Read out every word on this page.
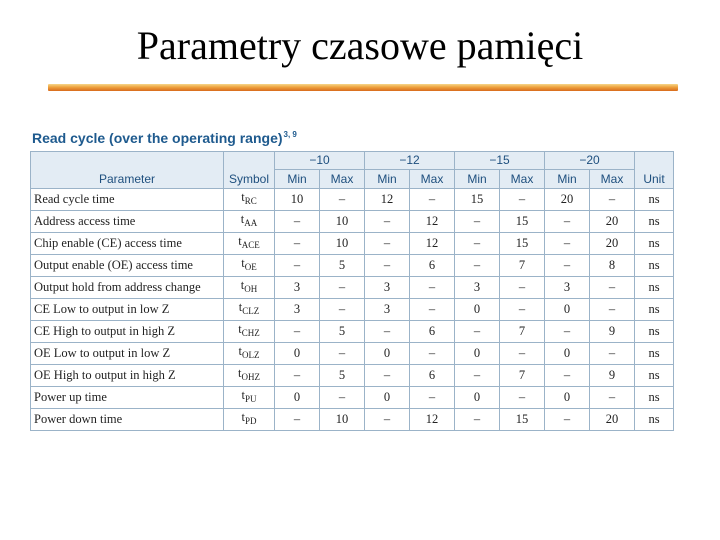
Parametry czasowe pamięci
Read cycle (over the operating range)$^{3, 9}$
Parameter	Symbol	−10		−12		−15		−20		Unit
		Min	Max	Min	Max	Min	Max	Min	Max	
Read cycle time	$t_{RC}$	10	–	12	–	15	–	20	–	ns
Address access time	$t_{AA}$	–	10	–	12	–	15	–	20	ns
Chip enable (CE) access time	$t_{ACE}$	–	10	–	12	–	15	–	20	ns
Output enable (OE) access time	$t_{OE}$	–	5	–	6	–	7	–	8	ns
Output hold from address change	$t_{OH}$	3	–	3	–	3	–	3	–	ns
CE Low to output in low Z	$t_{CLZ}$	3	–	3	–	0	–	0	–	ns
CE High to output in high Z	$t_{CHZ}$	–	5	–	6	–	7	–	9	ns
OE Low to output in low Z	$t_{OLZ}$	0	–	0	–	0	–	0	–	ns
OE High to output in high Z	$t_{OHZ}$	–	5	–	6	–	7	–	9	ns
Power up time	$t_{PU}$	0	–	0	–	0	–	0	–	ns
Power down time	$t_{PD}$	–	10	–	12	–	15	–	20	ns
